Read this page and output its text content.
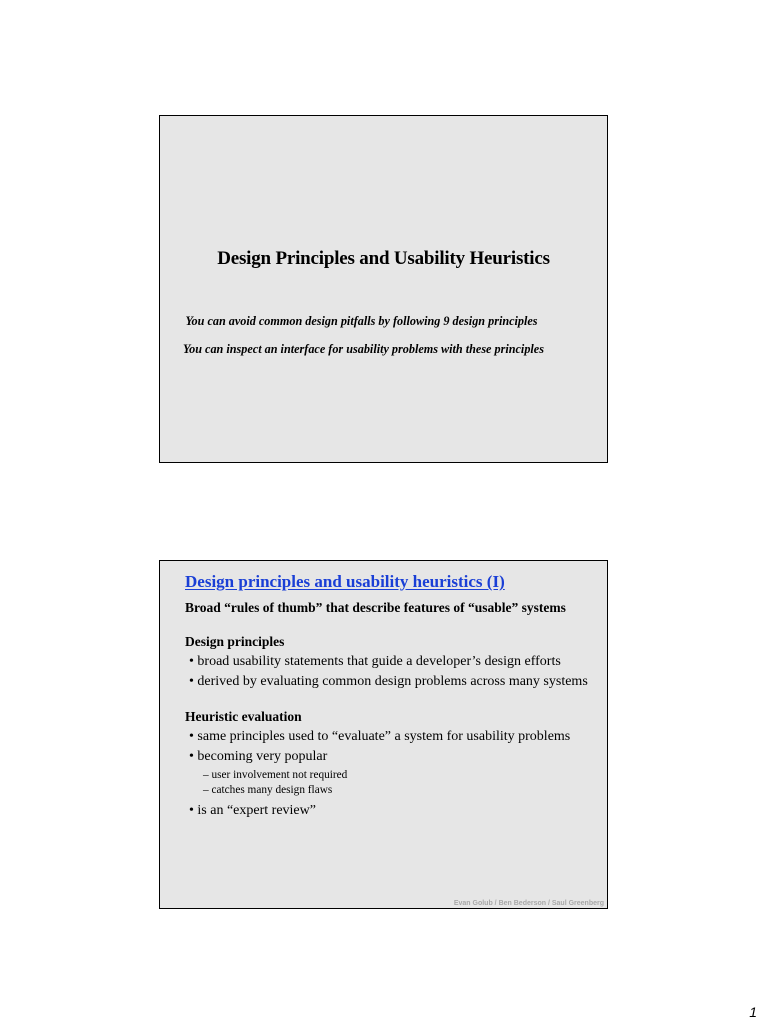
Design Principles and Usability Heuristics
You can avoid common design pitfalls by following 9 design principles
You can inspect an interface for usability problems with these principles
Design principles and usability heuristics (I)

Broad “rules of thumb” that describe features of “usable” systems

Design principles
• broad usability statements that guide a developer’s design efforts
• derived by evaluating common design problems across many systems
Heuristic evaluation
• same principles used to “evaluate” a system for usability problems
• becoming very popular
– user involvement not required
– catches many design flaws
• is an “expert review”
Evan Golub / Ben Bederson / Saul Greenberg
1
